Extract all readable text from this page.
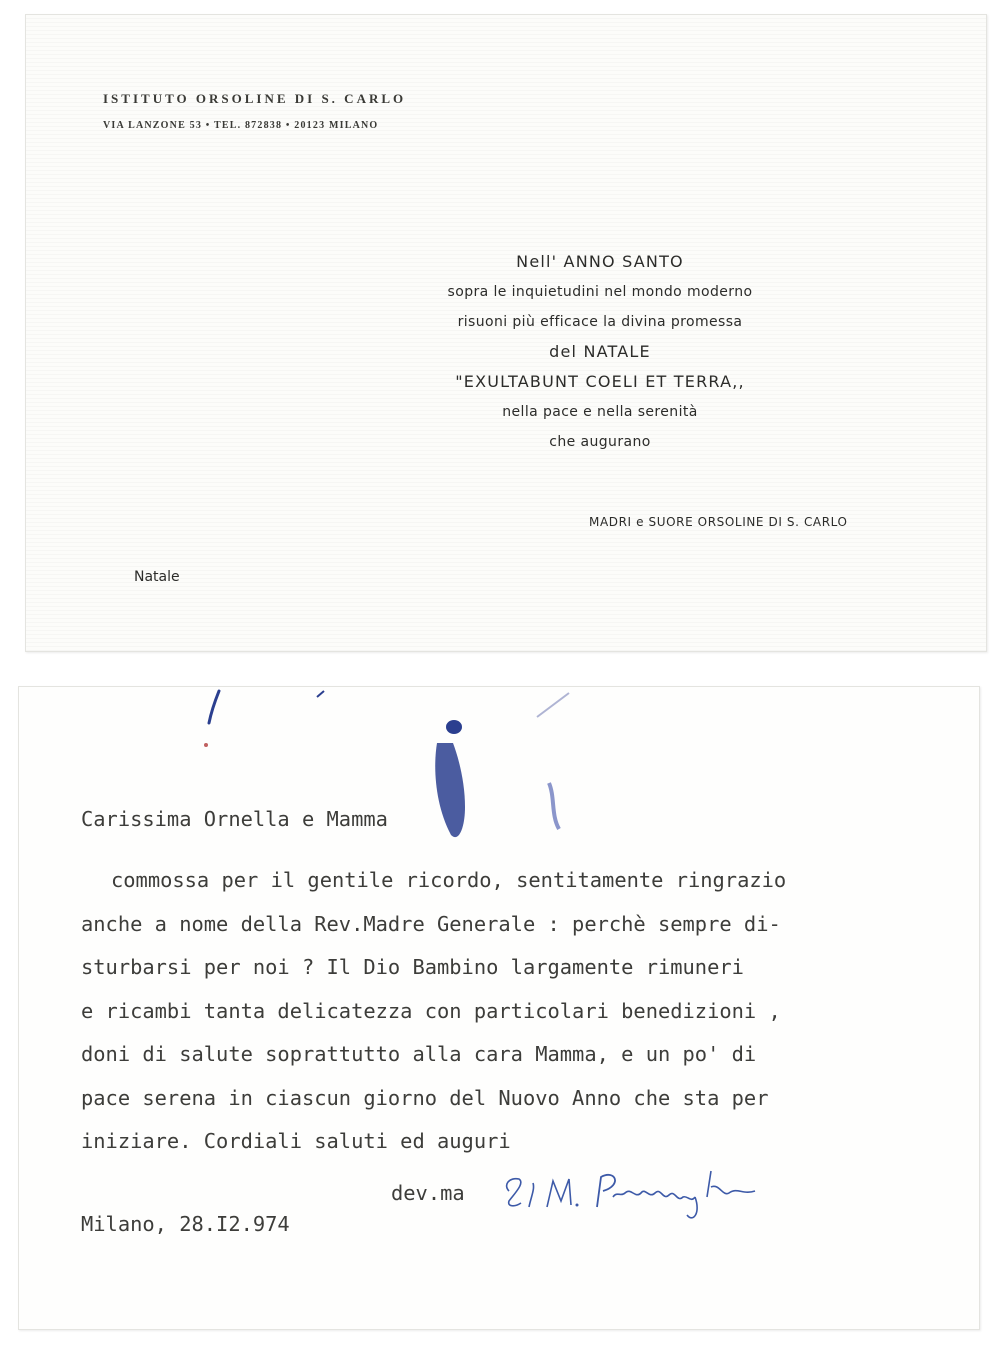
ISTITUTO ORSOLINE DI S. CARLO
VIA LANZONE 53 • TEL. 872838 • 20123 MILANO

Nell' ANNO SANTO

sopra le inquietudini nel mondo moderno

risuoni più efficace la divina promessa

del NATALE

"EXULTABUNT COELI ET TERRA,,

nella pace e nella serenità

che augurano

MADRI e SUORE ORSOLINE DI S. CARLO
Natale
Carissima Ornella e Mamma
commossa per il gentile ricordo, sentitamente ringrazio
anche a nome della Rev.Madre Generale : perchè sempre di-
sturbarsi per noi ? Il Dio Bambino largamente rimuneri
e ricambi tanta delicatezza con particolari benedizioni ,
doni di salute soprattutto alla cara Mamma, e un po' di
pace serena in ciascun giorno del Nuovo Anno che sta per
iniziare. Cordiali saluti ed auguri
dev.ma
Milano, 28.I2.974
